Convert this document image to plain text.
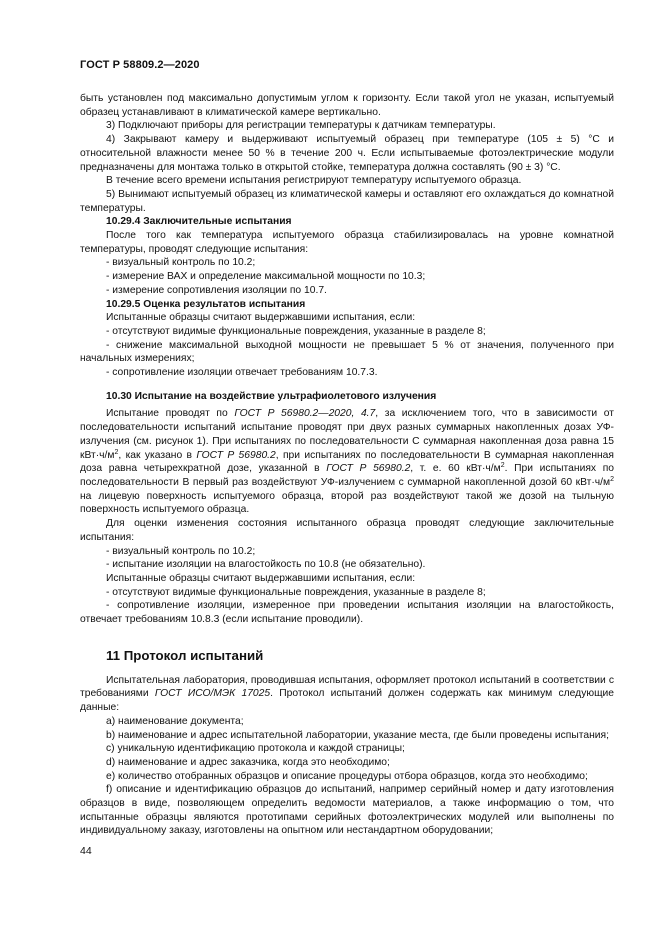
ГОСТ Р 58809.2—2020

быть установлен под максимально допустимым углом к горизонту. Если такой угол не указан, испытуемый образец устанавливают в климатической камере вертикально.

3) Подключают приборы для регистрации температуры к датчикам температуры.

4) Закрывают камеру и выдерживают испытуемый образец при температуре (105 ± 5) °C и относительной влажности менее 50 % в течение 200 ч. Если испытываемые фотоэлектрические модули предназначены для монтажа только в открытой стойке, температура должна составлять (90 ± 3) °C.

В течение всего времени испытания регистрируют температуру испытуемого образца.

5) Вынимают испытуемый образец из климатической камеры и оставляют его охлаждаться до комнатной температуры.

10.29.4 Заключительные испытания

После того как температура испытуемого образца стабилизировалась на уровне комнатной температуры, проводят следующие испытания:

- визуальный контроль по 10.2;

- измерение ВАХ и определение максимальной мощности по 10.3;

- измерение сопротивления изоляции по 10.7.

10.29.5 Оценка результатов испытания

Испытанные образцы считают выдержавшими испытания, если:

- отсутствуют видимые функциональные повреждения, указанные в разделе 8;

- снижение максимальной выходной мощности не превышает 5 % от значения, полученного при начальных измерениях;

- сопротивление изоляции отвечает требованиям 10.7.3.

10.30 Испытание на воздействие ультрафиолетового излучения

Испытание проводят по ГОСТ Р 56980.2—2020, 4.7, за исключением того, что в зависимости от последовательности испытаний испытание проводят при двух разных суммарных накопленных дозах УФ-излучения (см. рисунок 1). При испытаниях по последовательности С суммарная накопленная доза равна 15 $кВт\cdot ч/м^2$, как указано в ГОСТ Р 56980.2, при испытаниях по последовательности В суммарная накопленная доза равна четырехкратной дозе, указанной в ГОСТ Р 56980.2, т. е. 60 $кВт\cdot ч/м^2$. При испытаниях по последовательности В первый раз воздействуют УФ-излучением с суммарной накопленной дозой 60 $кВт\cdot ч/м^2$ на лицевую поверхность испытуемого образца, второй раз воздействуют такой же дозой на тыльную поверхность испытуемого образца.

Для оценки изменения состояния испытанного образца проводят следующие заключительные испытания:

- визуальный контроль по 10.2;

- испытание изоляции на влагостойкость по 10.8 (не обязательно).

Испытанные образцы считают выдержавшими испытания, если:

- отсутствуют видимые функциональные повреждения, указанные в разделе 8;

- сопротивление изоляции, измеренное при проведении испытания изоляции на влагостойкость, отвечает требованиям 10.8.3 (если испытание проводили).

11 Протокол испытаний

Испытательная лаборатория, проводившая испытания, оформляет протокол испытаний в соответствии с требованиями ГОСТ ИСО/МЭК 17025. Протокол испытаний должен содержать как минимум следующие данные:

a) наименование документа;

b) наименование и адрес испытательной лаборатории, указание места, где были проведены испытания;

c) уникальную идентификацию протокола и каждой страницы;

d) наименование и адрес заказчика, когда это необходимо;

e) количество отобранных образцов и описание процедуры отбора образцов, когда это необходимо;

f) описание и идентификацию образцов до испытаний, например серийный номер и дату изготовления образцов в виде, позволяющем определить ведомости материалов, а также информацию о том, что испытанные образцы являются прототипами серийных фотоэлектрических модулей или выполнены по индивидуальному заказу, изготовлены на опытном или нестандартном оборудовании;

44
